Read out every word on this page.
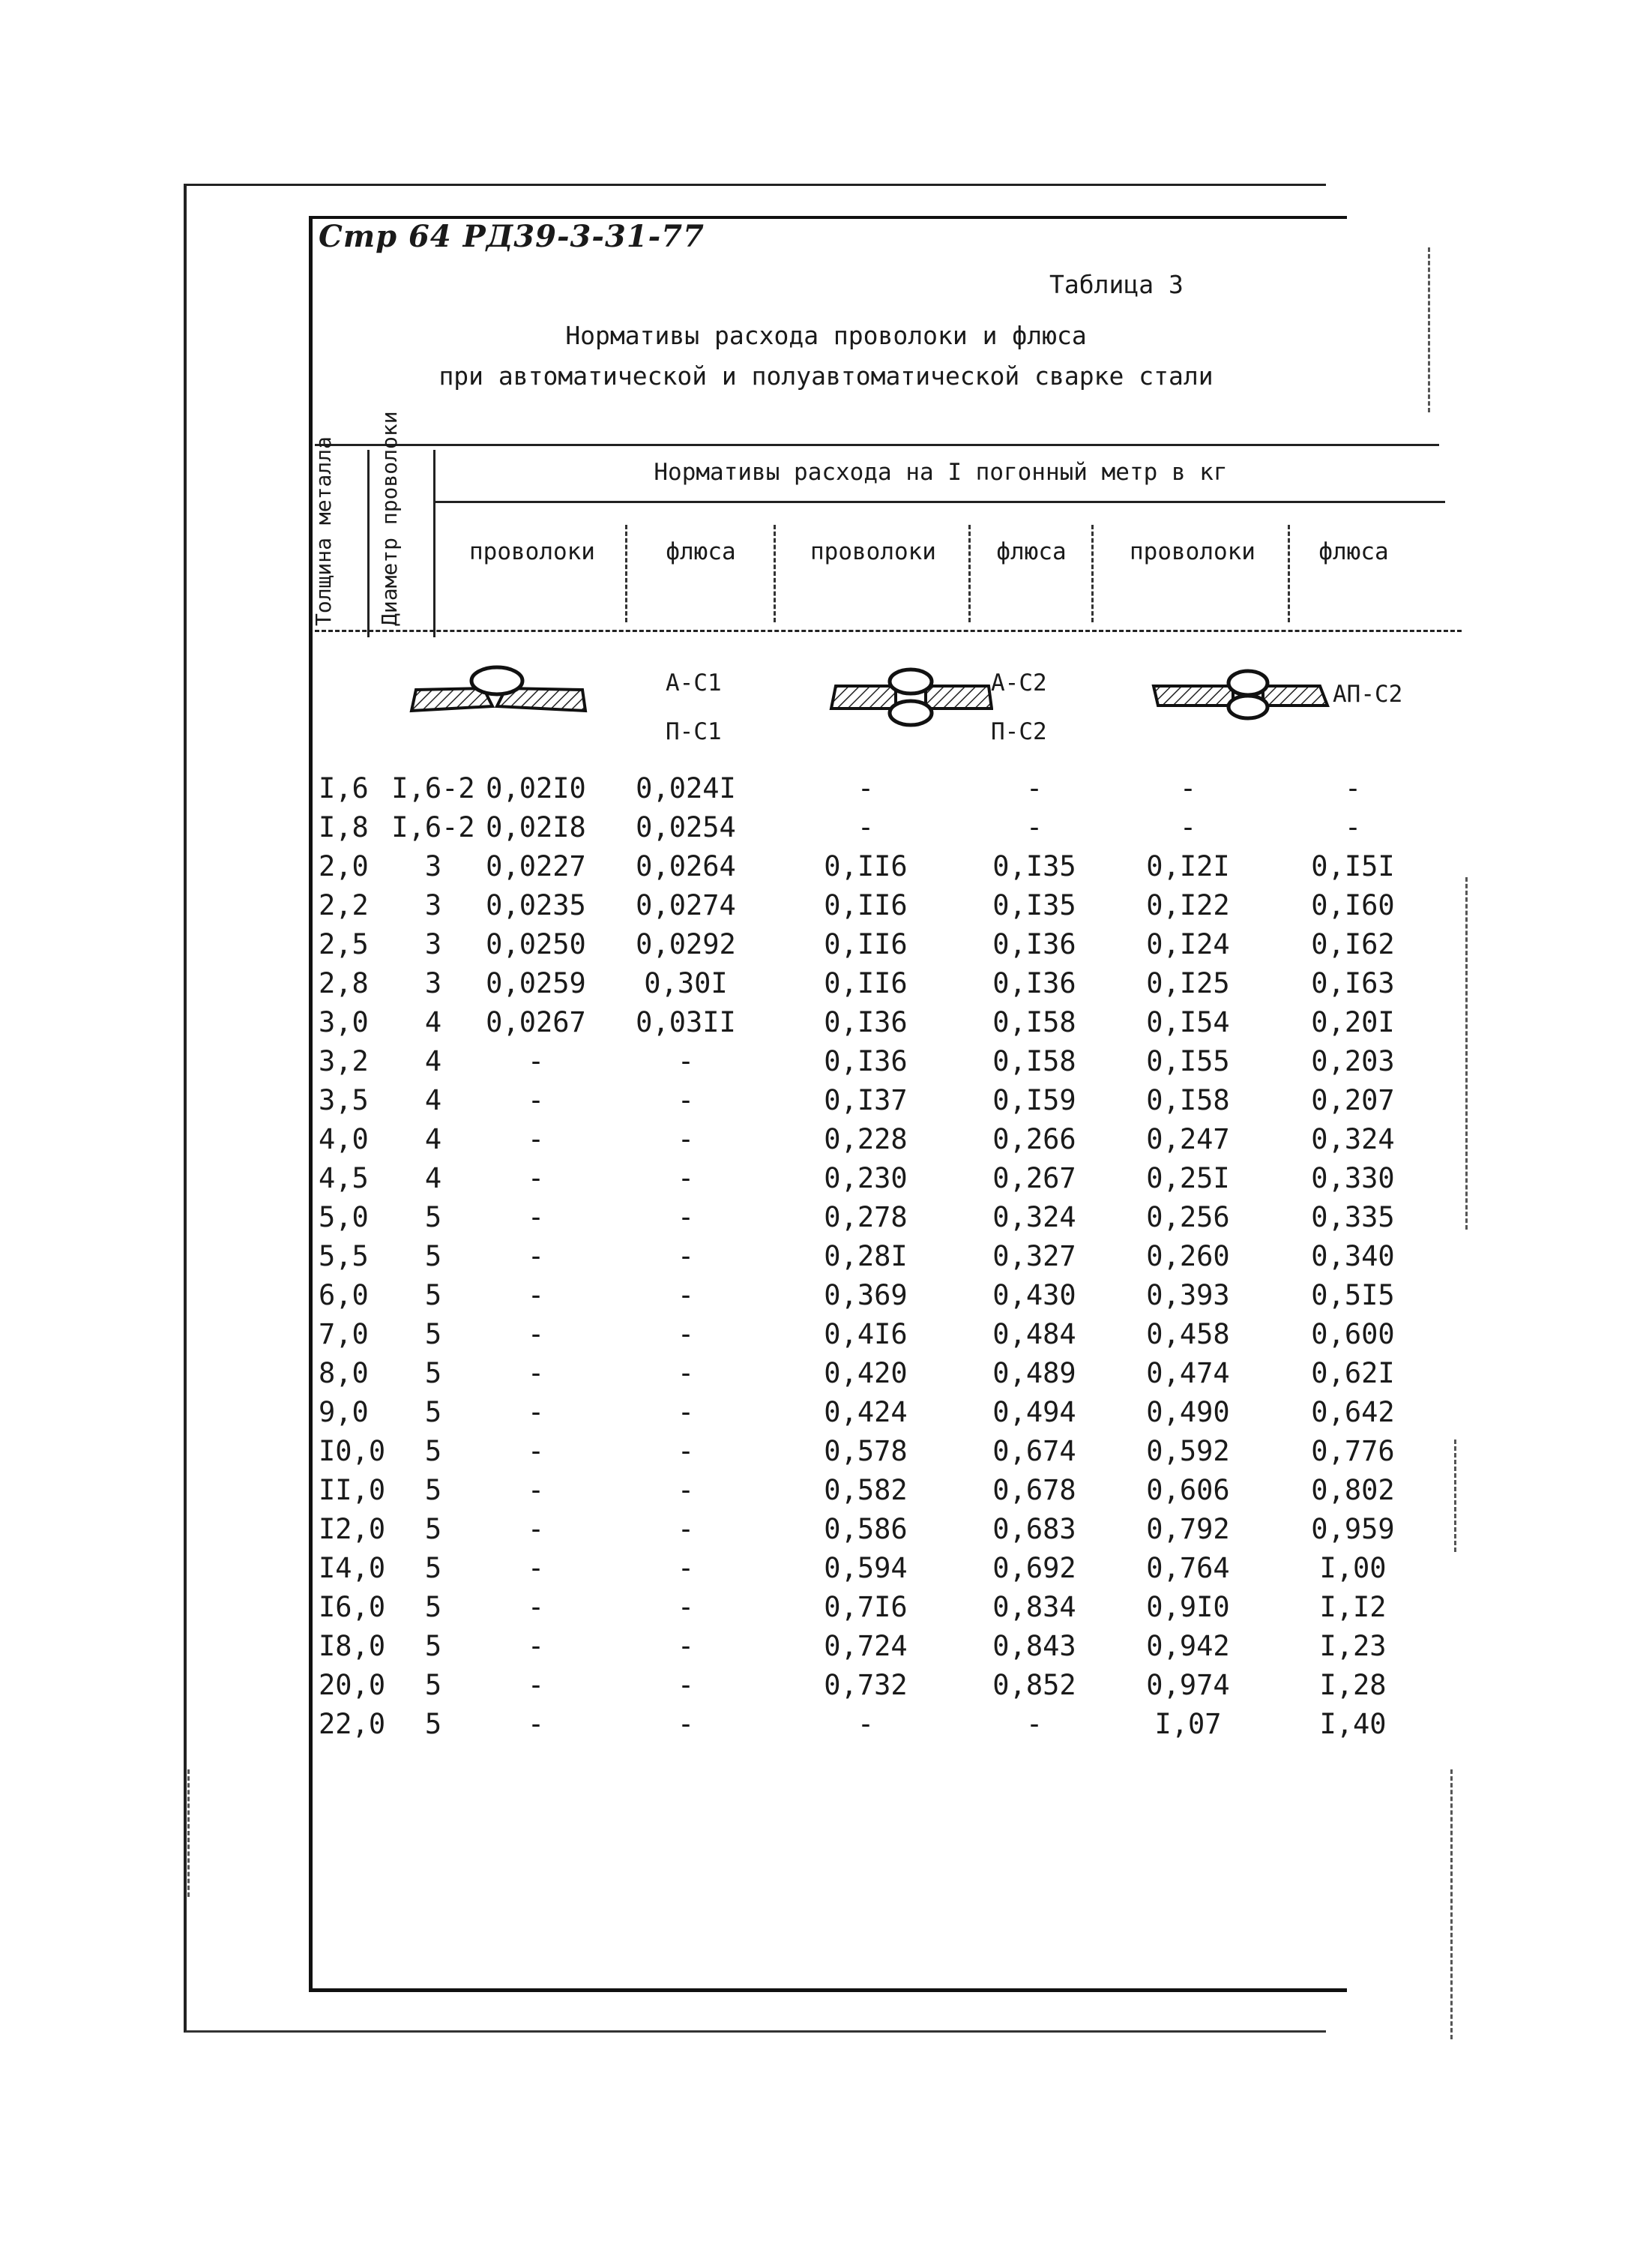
Стр 64 РД39-3-31-77
Таблица 3
Нормативы расхода проволоки и флюса
при автоматической и полуавтоматической сварке стали
Толщина металла Диаметр проволоки	Нормативы расхода на I погонный метр в кг
проволоки	флюса	проволоки	флюса	проволоки	флюса
А-С1
П-С1
А-С2
П-С2
АП-С2
I,6 I,6-2 0,02I0 0,024I	-	-	-	-
I,8 I,6-2 0,02I8 0,0254	-	-	-	-
2,0	3	0,0227 0,0264	0,II6	0,I35	0,I2I	0,I5I
2,2	3	0,0235 0,0274	0,II6	0,I35	0,I22	0,I60
2,5	3	0,0250 0,0292	0,II6	0,I36	0,I24	0,I62
2,8	3	0,0259	0,30I	0,II6	0,I36	0,I25	0,I63
3,0	4	0,0267 0,03II	0,I36	0,I58	0,I54	0,20I
3,2	4	-	-	0,I36	0,I58	0,I55	0,203
3,5	4	-	-	0,I37	0,I59	0,I58	0,207
4,0	4	-	-	0,228	0,266	0,247	0,324
4,5	4	-	-	0,230	0,267	0,25I	0,330
5,0	5	-	-	0,278	0,324	0,256	0,335
5,5	5	-	-	0,28I	0,327	0,260	0,340
6,0	5	-	-	0,369	0,430	0,393	0,5I5
7,0	5	-	-	0,4I6	0,484	0,458	0,600
8,0	5	-	-	0,420	0,489	0,474	0,62I
9,0	5	-	-	0,424	0,494	0,490	0,642
I0,0	5	-	-	0,578	0,674	0,592	0,776
II,0	5	-	-	0,582	0,678	0,606	0,802
I2,0	5	-	-	0,586	0,683	0,792	0,959
I4,0	5	-	-	0,594	0,692	0,764	I,00
I6,0	5	-	-	0,7I6	0,834	0,9I0	I,I2
I8,0	5	-	-	0,724	0,843	0,942	I,23
20,0	5	-	-	0,732	0,852	0,974	I,28
22,0	5	-	-	-	-	I,07	I,40
